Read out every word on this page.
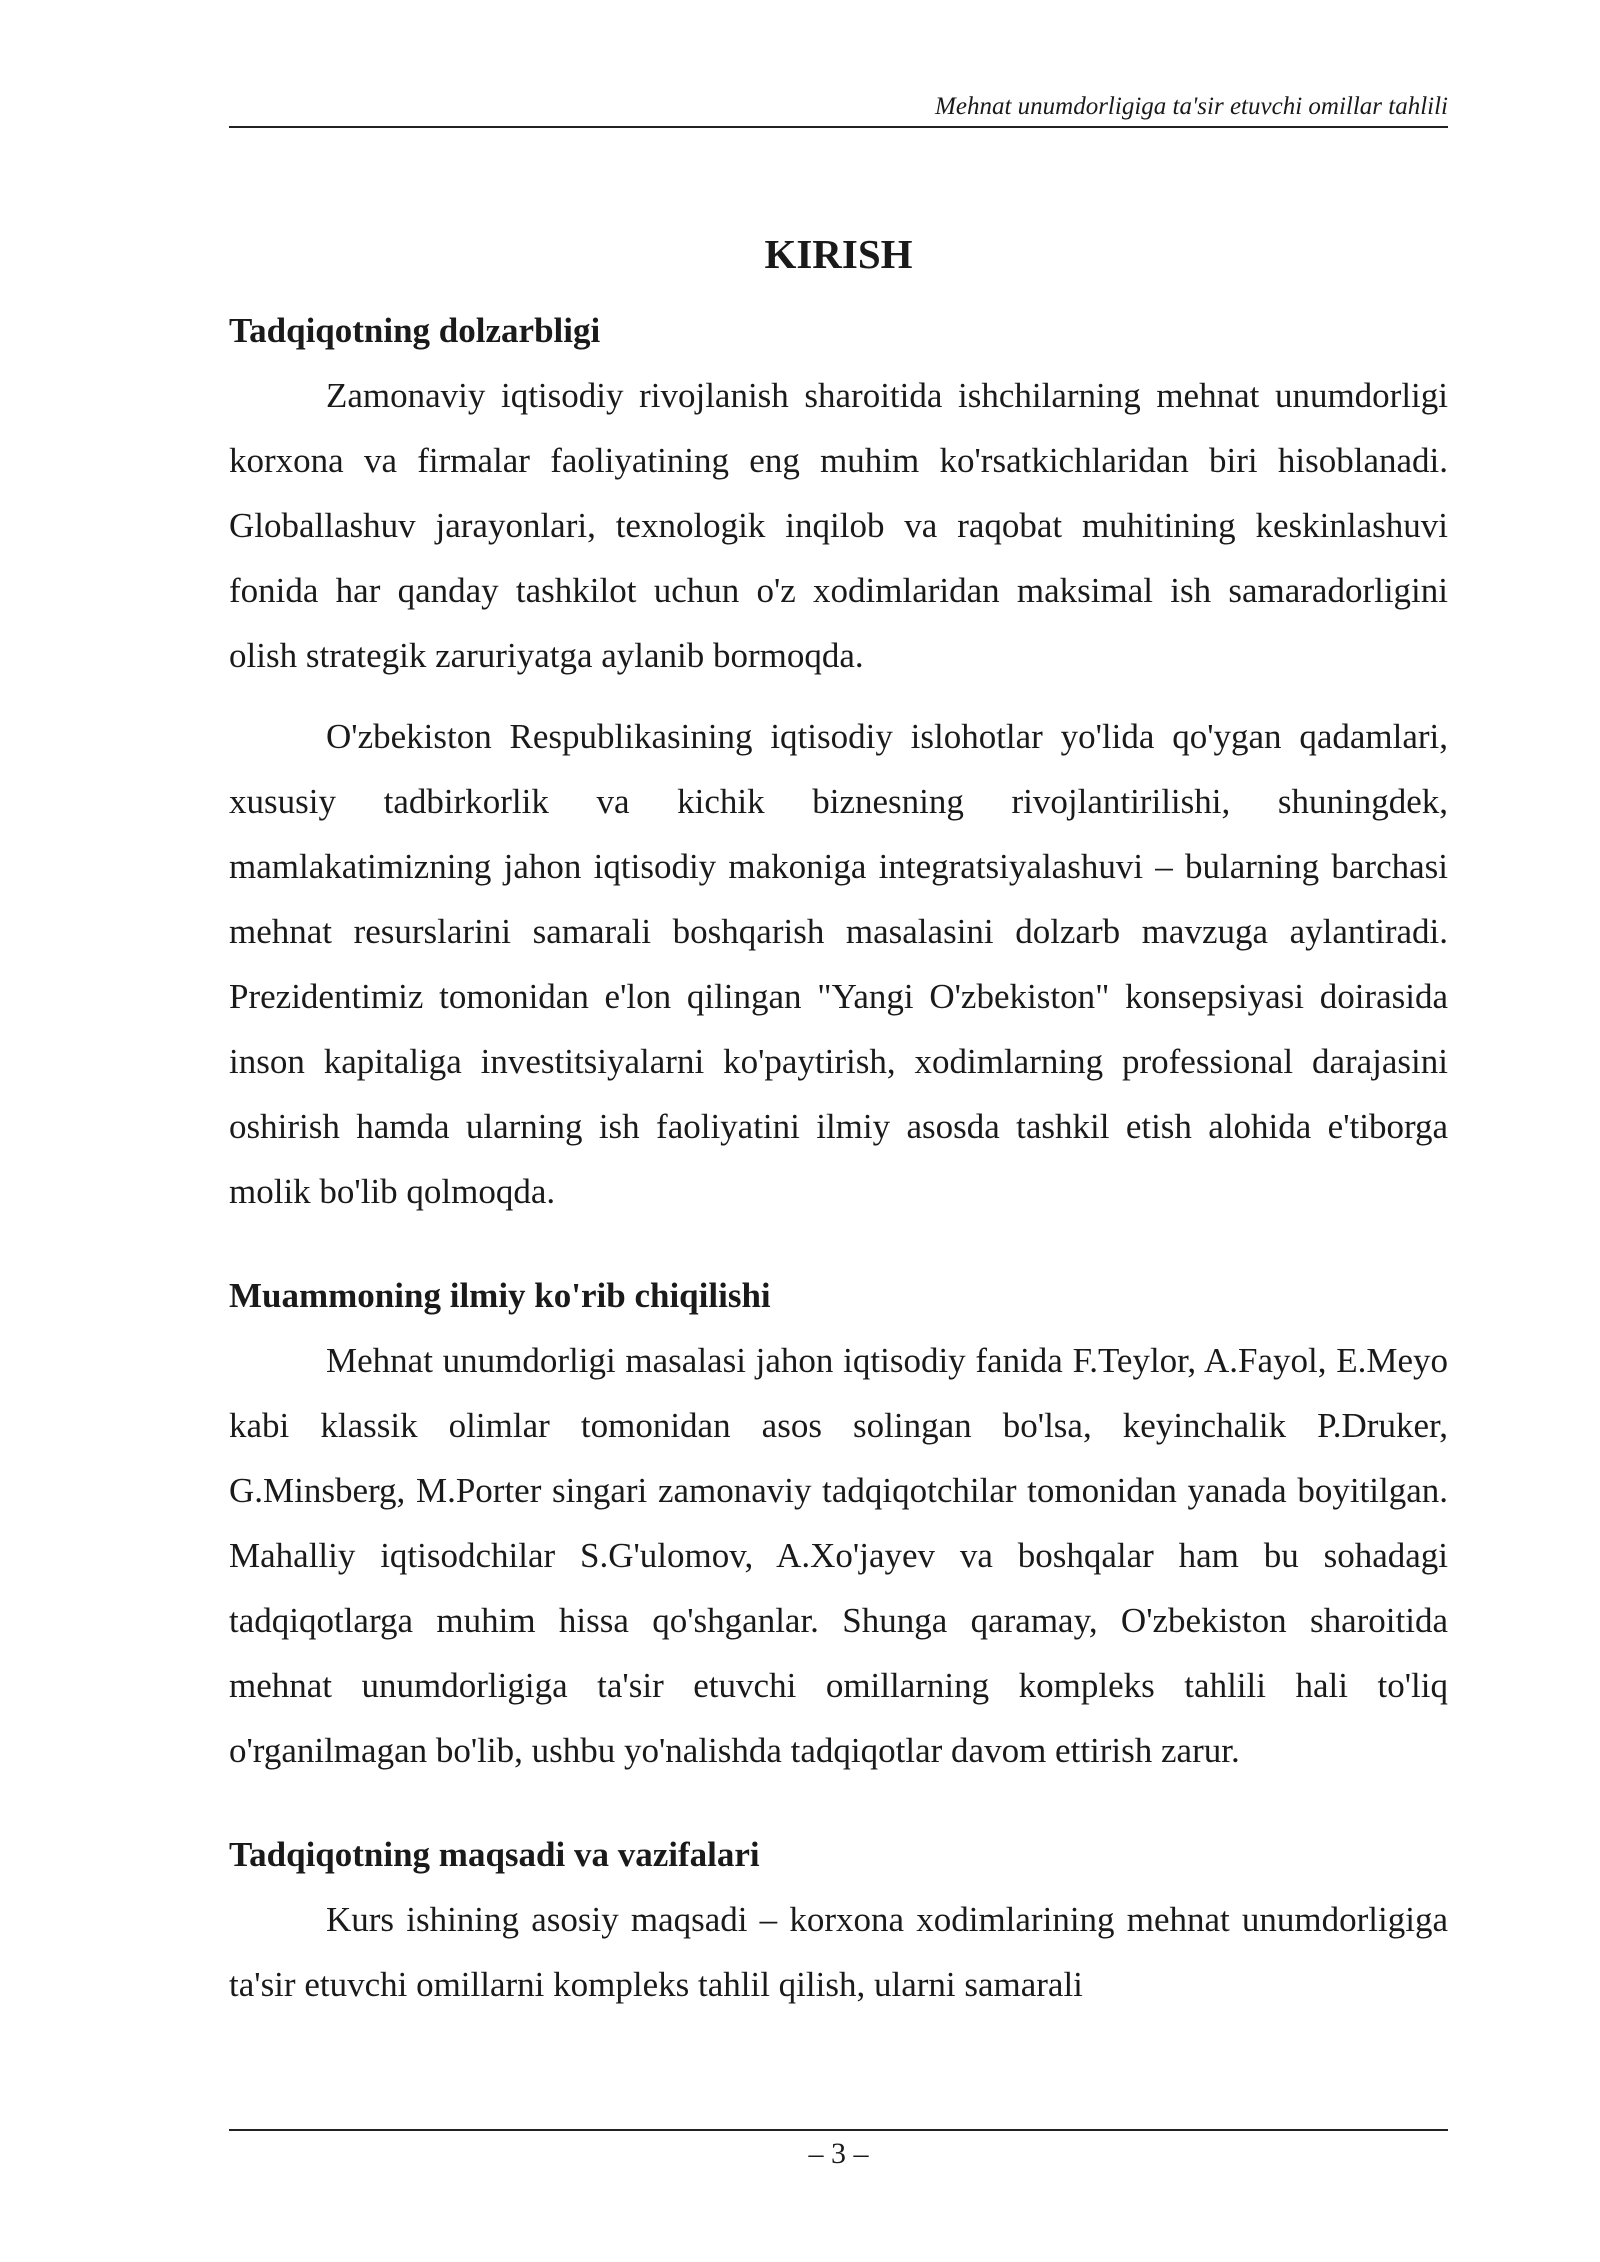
Mehnat unumdorligiga ta'sir etuvchi omillar tahlili
KIRISH
Tadqiqotning dolzarbligi

Zamonaviy iqtisodiy rivojlanish sharoitida ishchilarning mehnat unumdorligi korxona va firmalar faoliyatining eng muhim ko'rsatkichlaridan biri hisoblanadi. Globallashuv jarayonlari, texnologik inqilob va raqobat muhitining keskinlashuvi fonida har qanday tashkilot uchun o'z xodimlaridan maksimal ish samaradorligini olish strategik zaruriyatga aylanib bormoqda.

O'zbekiston Respublikasining iqtisodiy islohotlar yo'lida qo'ygan qadamlari, xususiy tadbirkorlik va kichik biznesning rivojlantirilishi, shuningdek, mamlakatimizning jahon iqtisodiy makoniga integratsiyalashuvi – bularning barchasi mehnat resurslarini samarali boshqarish masalasini dolzarb mavzuga aylantiradi. Prezidentimiz tomonidan e'lon qilingan "Yangi O'zbekiston" konsepsiyasi doirasida inson kapitaliga investitsiyalarni ko'paytirish, xodimlarning professional darajasini oshirish hamda ularning ish faoliyatini ilmiy asosda tashkil etish alohida e'tiborga molik bo'lib qolmoqda.

Muammoning ilmiy ko'rib chiqilishi

Mehnat unumdorligi masalasi jahon iqtisodiy fanida F.Teylor, A.Fayol, E.Meyo kabi klassik olimlar tomonidan asos solingan bo'lsa, keyinchalik P.Druker, G.Minsberg, M.Porter singari zamonaviy tadqiqotchilar tomonidan yanada boyitilgan. Mahalliy iqtisodchilar S.G'ulomov, A.Xo'jayev va boshqalar ham bu sohadagi tadqiqotlarga muhim hissa qo'shganlar. Shunga qaramay, O'zbekiston sharoitida mehnat unumdorligiga ta'sir etuvchi omillarning kompleks tahlili hali to'liq o'rganilmagan bo'lib, ushbu yo'nalishda tadqiqotlar davom ettirish zarur.

Tadqiqotning maqsadi va vazifalari

Kurs ishining asosiy maqsadi – korxona xodimlarining mehnat unumdorligiga ta'sir etuvchi omillarni kompleks tahlil qilish, ularni samarali

– 3 –
